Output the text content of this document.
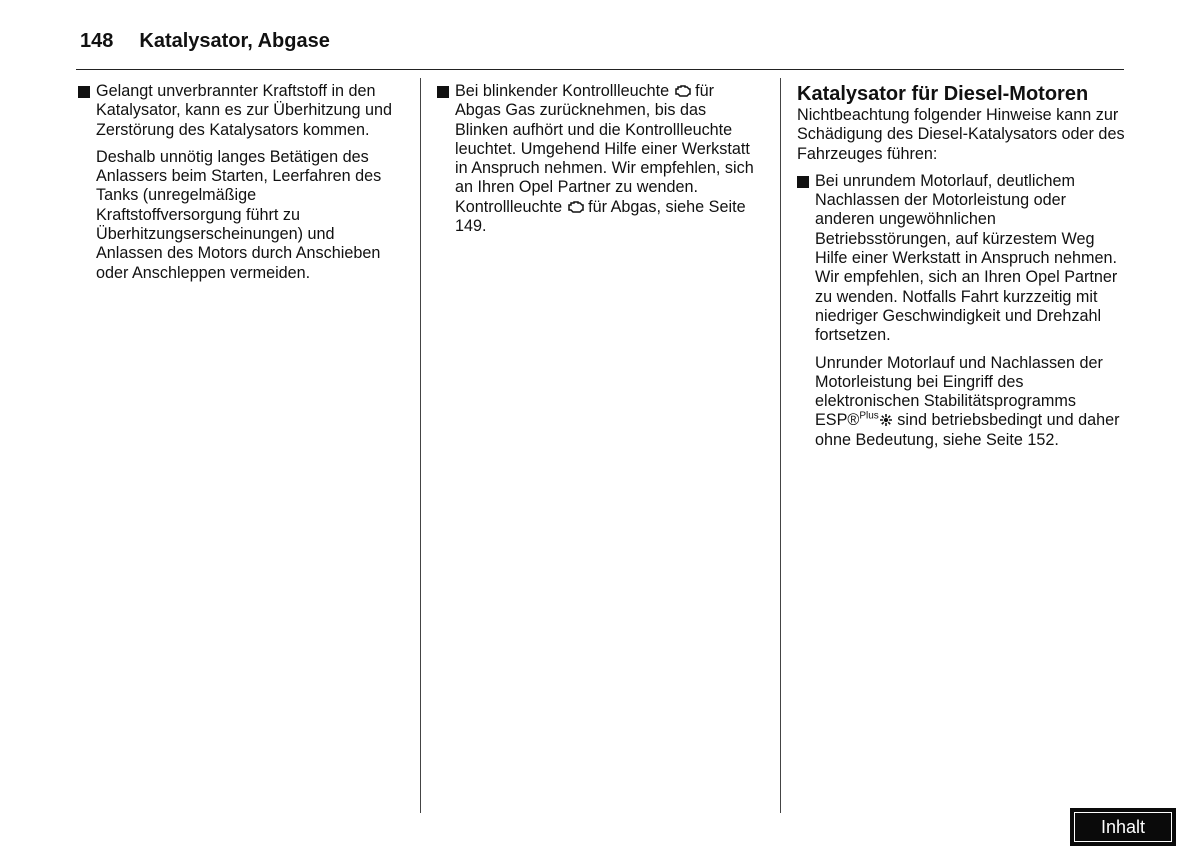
148 Katalysator, Abgase

Gelangt unverbrannter Kraftstoff in den Katalysator, kann es zur Überhitzung und Zerstörung des Katalysators kommen.

Deshalb unnötig langes Betätigen des Anlassers beim Starten, Leerfahren des Tanks (unregelmäßige Kraftstoffversorgung führt zu Überhitzungserscheinungen) und Anlassen des Motors durch Anschieben oder Anschleppen vermeiden.

Bei blinkender Kontrollleuchte für Abgas Gas zurücknehmen, bis das Blinken aufhört und die Kontrollleuchte leuchtet. Umgehend Hilfe einer Werkstatt in Anspruch nehmen. Wir empfehlen, sich an Ihren Opel Partner zu wenden. Kontrollleuchte für Abgas, siehe Seite 149.

Katalysator für Diesel-Motoren

Nichtbeachtung folgender Hinweise kann zur Schädigung des Diesel-Katalysators oder des Fahrzeuges führen:

Bei unrundem Motorlauf, deutlichem Nachlassen der Motorleistung oder anderen ungewöhnlichen Betriebsstörungen, auf kürzestem Weg Hilfe einer Werkstatt in Anspruch nehmen. Wir empfehlen, sich an Ihren Opel Partner zu wenden. Notfalls Fahrt kurzzeitig mit niedriger Geschwindigkeit und Drehzahl fortsetzen.

Unrunder Motorlauf und Nachlassen der Motorleistung bei Eingriff des elektronischen Stabilitätsprogramms ESP®$^{Plus}$ sind betriebsbedingt und daher ohne Bedeutung, siehe Seite 152.

Inhalt
